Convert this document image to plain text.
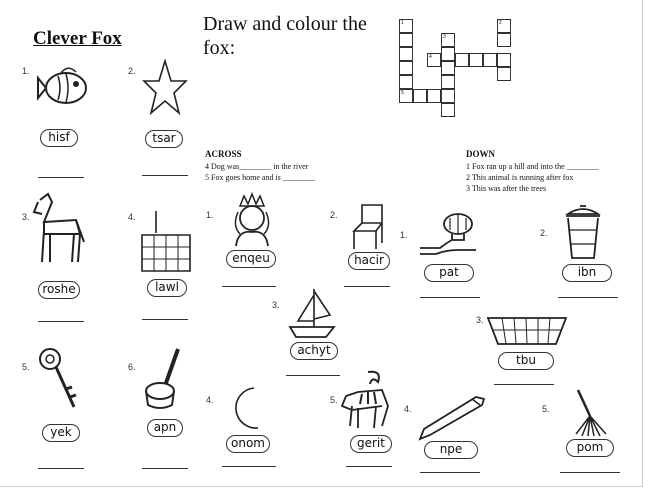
Clever Fox
Draw and colour the fox:
1
5
3
4
2
ACROSS
4 Dog was________ in the river
5 Fox goes home and is ________
DOWN
1 Fox ran up a hill and into the ________
2 This animal is running after fox
3 This was after the trees
1.
hisf
2.
tsar
3.
roshe
4.
lawl
5.
yek
6.
apn
1.
enqeu
2.
hacir
3.
achyt
4.
onom
5.
gerit
1.
pat
2.
ibn
3.
tbu
4.
npe
5.
pom
